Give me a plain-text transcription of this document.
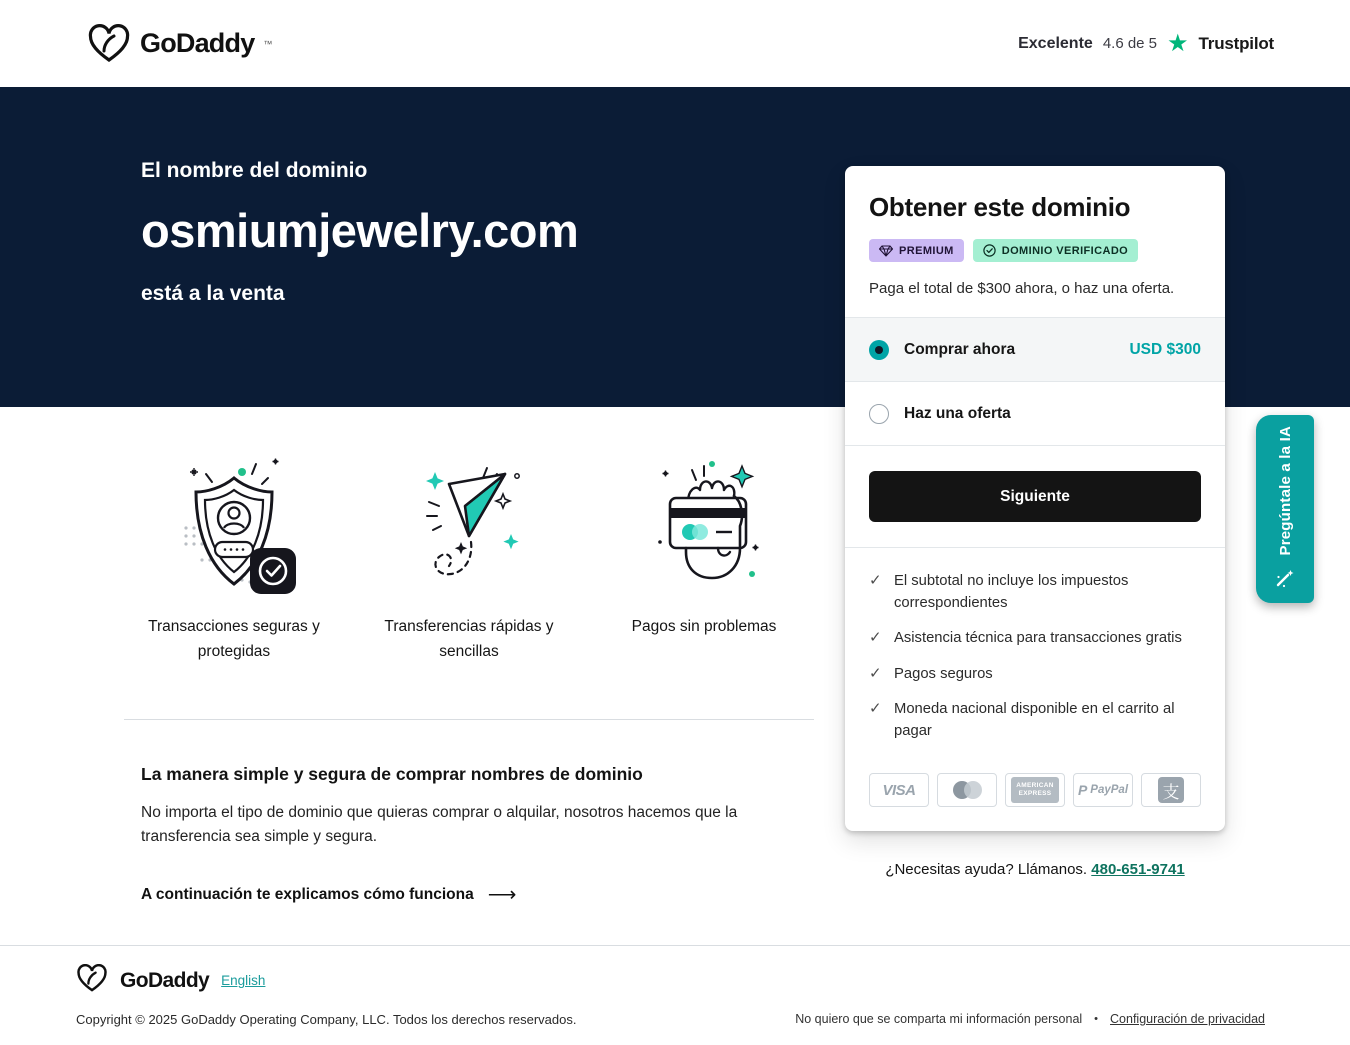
GoDaddy ™	Excelente 4.6 de 5 ★ Trustpilot

El nombre del dominio

osmiumjewelry.com

está a la venta

Transacciones seguras y protegidas
Transferencias rápidas y sencillas
Pagos sin problemas
La manera simple y segura de comprar nombres de dominio

No importa el tipo de dominio que quieras comprar o alquilar, nosotros hacemos que la transferencia sea simple y segura.

A continuación te explicamos cómo funciona ⟶
Obtener este dominio
PREMIUM	DOMINIO VERIFICADO

Paga el total de $300 ahora, o haz una oferta.

Comprar ahora	USD $300
Haz una oferta
Siguiente
✓ El subtotal no incluye los impuestos correspondientes
✓ Asistencia técnica para transacciones gratis
✓ Pagos seguros
✓ Moneda nacional disponible en el carrito al pagar
VISA	AMERICAN
EXPRESS P PayPal 支
¿Necesitas ayuda? Llámanos. 480-651-9741
Pregúntale a la IA
GoDaddy English
Copyright © 2025 GoDaddy Operating Company, LLC. Todos los derechos reservados.	No quiero que se comparta mi información personal • Configuración de privacidad
